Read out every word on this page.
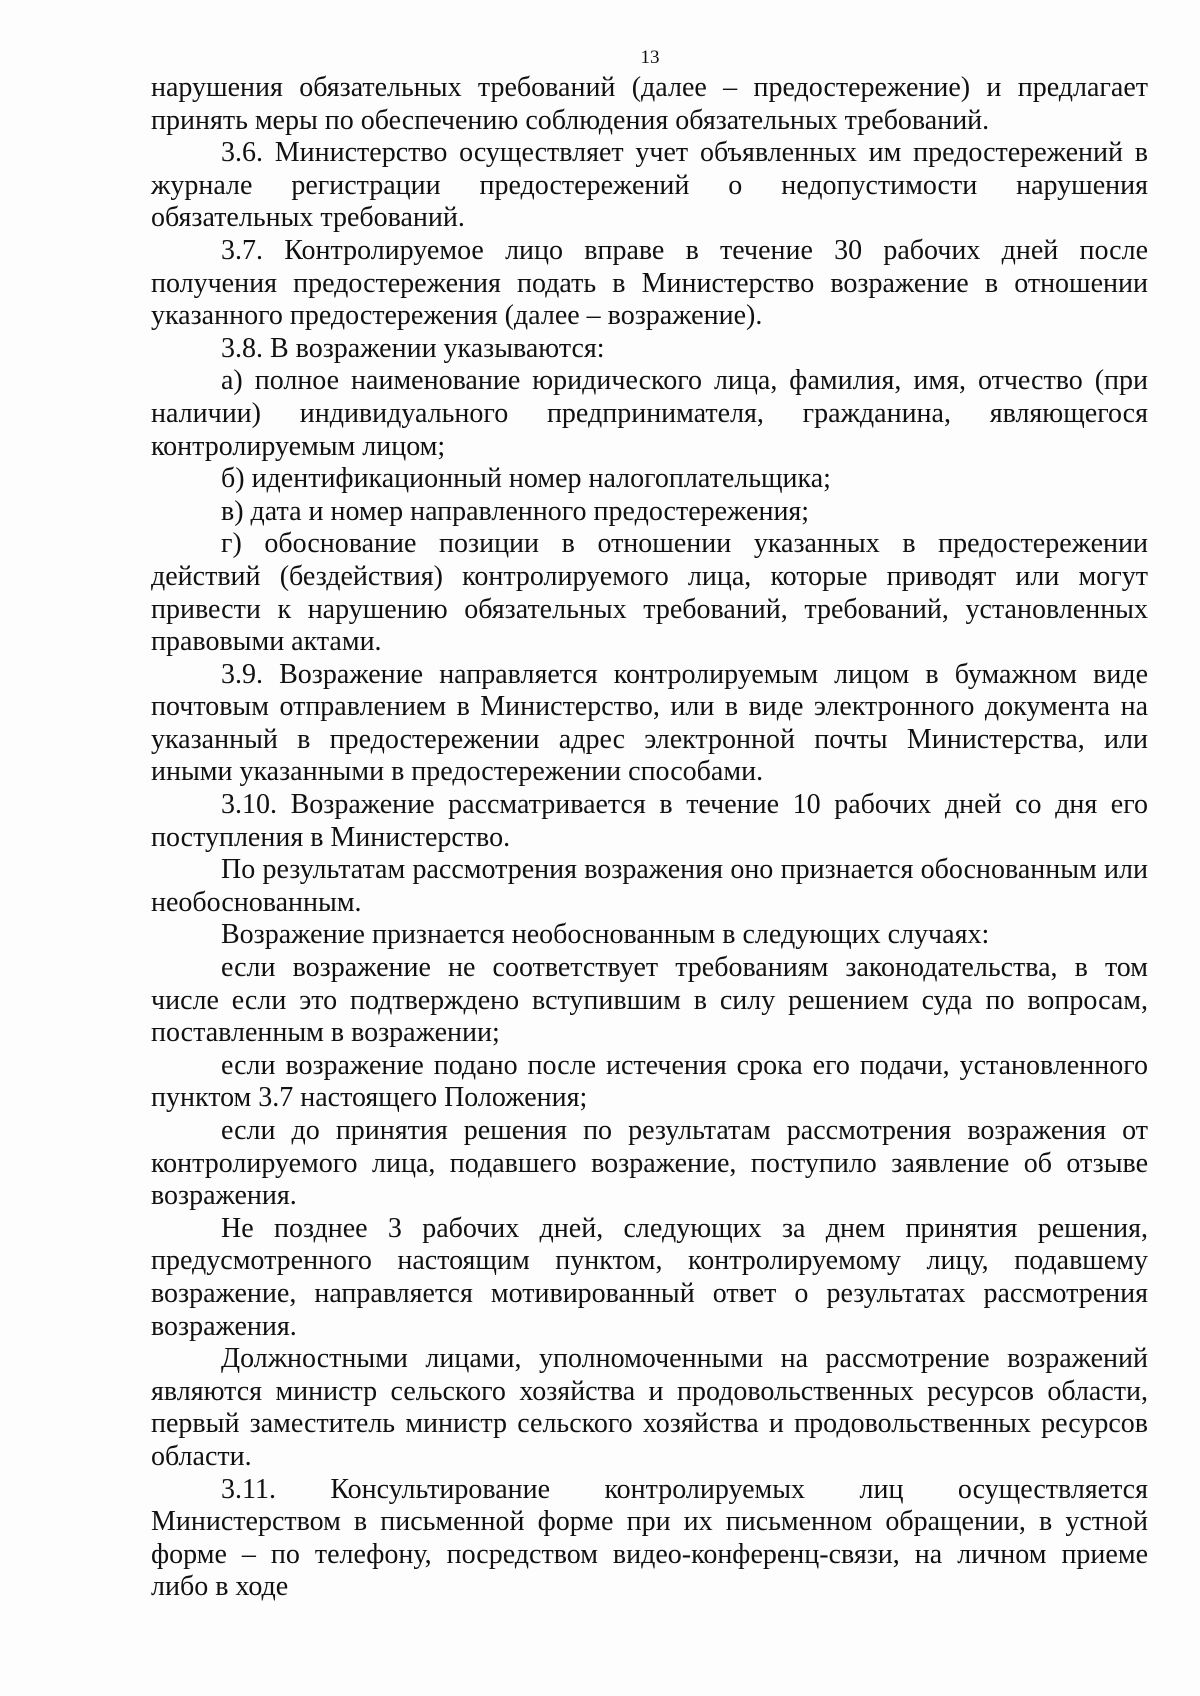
13

нарушения обязательных требований (далее – предостережение) и предлагает принять меры по обеспечению соблюдения обязательных требований.

3.6. Министерство осуществляет учет объявленных им предостережений в журнале регистрации предостережений о недопустимости нарушения обязательных требований.

3.7. Контролируемое лицо вправе в течение 30 рабочих дней после получения предостережения подать в Министерство возражение в отношении указанного предостережения (далее – возражение).

3.8. В возражении указываются:

а) полное наименование юридического лица, фамилия, имя, отчество (при наличии) индивидуального предпринимателя, гражданина, являющегося контролируемым лицом;

б) идентификационный номер налогоплательщика;

в) дата и номер направленного предостережения;

г) обоснование позиции в отношении указанных в предостережении действий (бездействия) контролируемого лица, которые приводят или могут привести к нарушению обязательных требований, требований, установленных правовыми актами.

3.9. Возражение направляется контролируемым лицом в бумажном виде почтовым отправлением в Министерство, или в виде электронного документа на указанный в предостережении адрес электронной почты Министерства, или иными указанными в предостережении способами.

3.10. Возражение рассматривается в течение 10 рабочих дней со дня его поступления в Министерство.

По результатам рассмотрения возражения оно признается обоснованным или необоснованным.

Возражение признается необоснованным в следующих случаях:

если возражение не соответствует требованиям законодательства, в том числе если это подтверждено вступившим в силу решением суда по вопросам, поставленным в возражении;

если возражение подано после истечения срока его подачи, установленного пунктом 3.7 настоящего Положения;

если до принятия решения по результатам рассмотрения возражения от контролируемого лица, подавшего возражение, поступило заявление об отзыве возражения.

Не позднее 3 рабочих дней, следующих за днем принятия решения, предусмотренного настоящим пунктом, контролируемому лицу, подавшему возражение, направляется мотивированный ответ о результатах рассмотрения возражения.

Должностными лицами, уполномоченными на рассмотрение возражений являются министр сельского хозяйства и продовольственных ресурсов области, первый заместитель министр сельского хозяйства и продовольственных ресурсов области.

3.11. Консультирование контролируемых лиц осуществляется Министерством в письменной форме при их письменном обращении, в устной форме – по телефону, посредством видео-конференц-связи, на личном приеме либо в ходе
